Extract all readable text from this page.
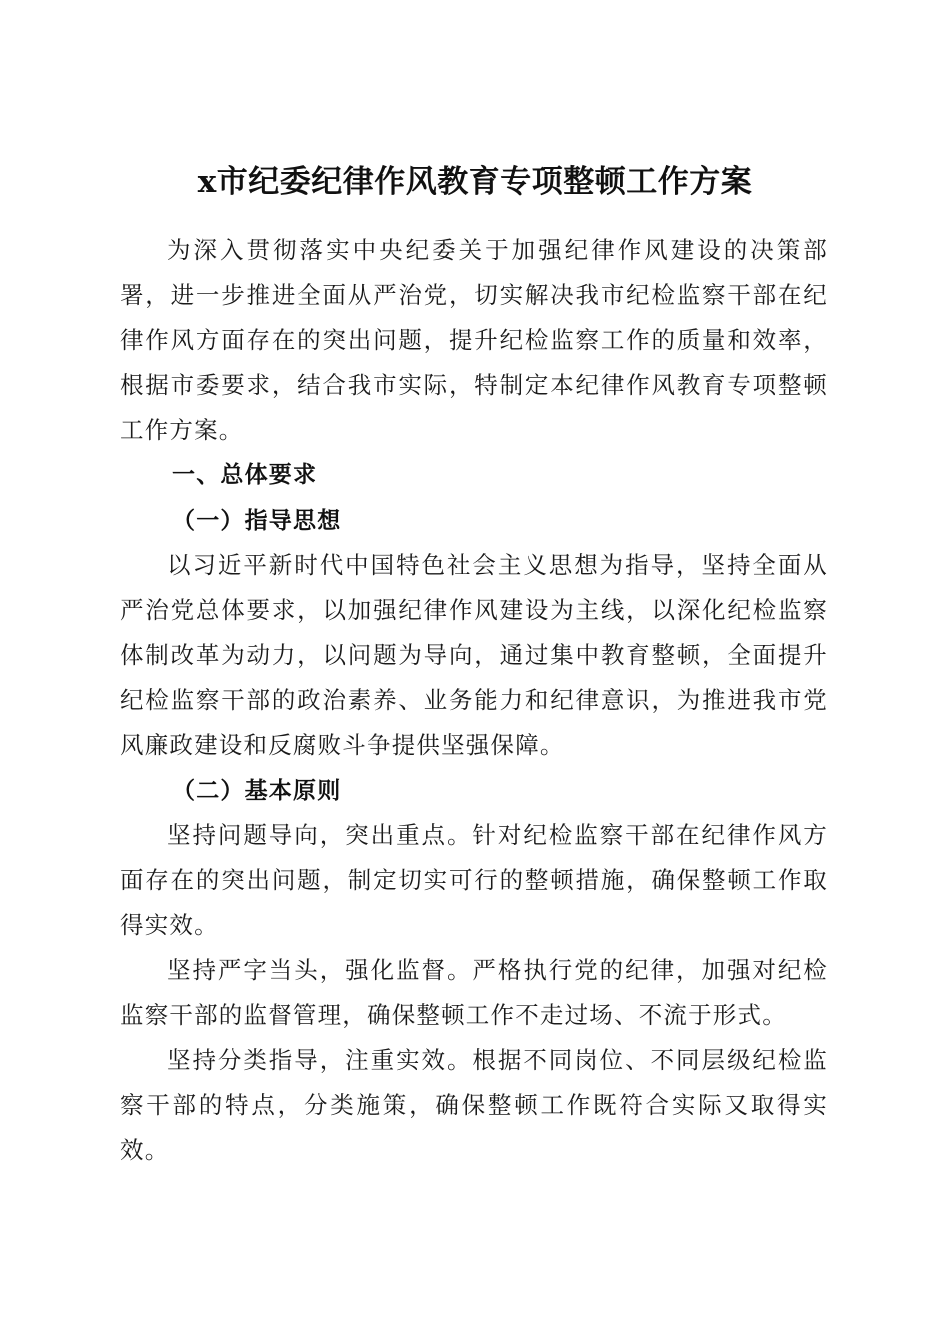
x市纪委纪律作风教育专项整顿工作方案

为深入贯彻落实中央纪委关于加强纪律作风建设的决策部署，进一步推进全面从严治党，切实解决我市纪检监察干部在纪律作风方面存在的突出问题，提升纪检监察工作的质量和效率，根据市委要求，结合我市实际，特制定本纪律作风教育专项整顿工作方案。

一、总体要求
（一）指导思想

以习近平新时代中国特色社会主义思想为指导，坚持全面从严治党总体要求，以加强纪律作风建设为主线，以深化纪检监察体制改革为动力，以问题为导向，通过集中教育整顿，全面提升纪检监察干部的政治素养、业务能力和纪律意识，为推进我市党风廉政建设和反腐败斗争提供坚强保障。

（二）基本原则

坚持问题导向，突出重点。针对纪检监察干部在纪律作风方面存在的突出问题，制定切实可行的整顿措施，确保整顿工作取得实效。

坚持严字当头，强化监督。严格执行党的纪律，加强对纪检监察干部的监督管理，确保整顿工作不走过场、不流于形式。

坚持分类指导，注重实效。根据不同岗位、不同层级纪检监察干部的特点，分类施策，确保整顿工作既符合实际又取得实效。
